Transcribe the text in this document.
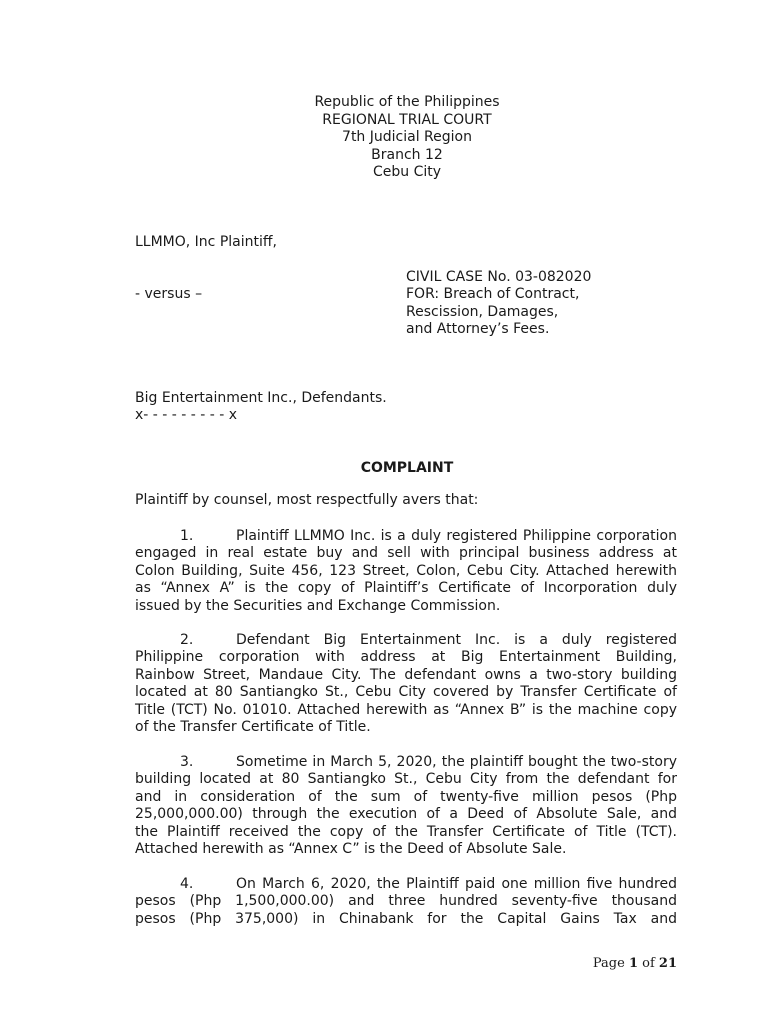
Republic of the Philippines
REGIONAL TRIAL COURT
7th Judicial Region
Branch 12
Cebu City
LLMMO, Inc Plaintiff,
CIVIL CASE No. 03-082020
- versus –	FOR: Breach of Contract,
Rescission, Damages,
and Attorney’s Fees.
Big Entertainment Inc., Defendants.
x- - - - - - - - - x
COMPLAINT
Plaintiff by counsel, most respectfully avers that:
1.	Plaintiff LLMMO Inc. is a duly registered Philippine corporation
engaged in real estate buy and sell with principal business address at
Colon Building, Suite 456, 123 Street, Colon, Cebu City. Attached herewith
as “Annex A” is the copy of Plaintiff’s Certificate of Incorporation duly
issued by the Securities and Exchange Commission.
2.	Defendant Big Entertainment Inc. is a duly registered
Philippine corporation with address at Big Entertainment Building,
Rainbow Street, Mandaue City. The defendant owns a two-story building
located at 80 Santiangko St., Cebu City covered by Transfer Certificate of
Title (TCT) No. 01010. Attached herewith as “Annex B” is the machine copy
of the Transfer Certificate of Title.
3.	Sometime in March 5, 2020, the plaintiff bought the two-story
building located at 80 Santiangko St., Cebu City from the defendant for
and in consideration of the sum of twenty-five million pesos (Php
25,000,000.00) through the execution of a Deed of Absolute Sale, and
the Plaintiff received the copy of the Transfer Certificate of Title (TCT).
Attached herewith as “Annex C” is the Deed of Absolute Sale.
4.	On March 6, 2020, the Plaintiff paid one million five hundred
pesos (Php 1,500,000.00) and three hundred seventy-five thousand
pesos (Php 375,000) in Chinabank for the Capital Gains Tax and
Page 1 of 21
